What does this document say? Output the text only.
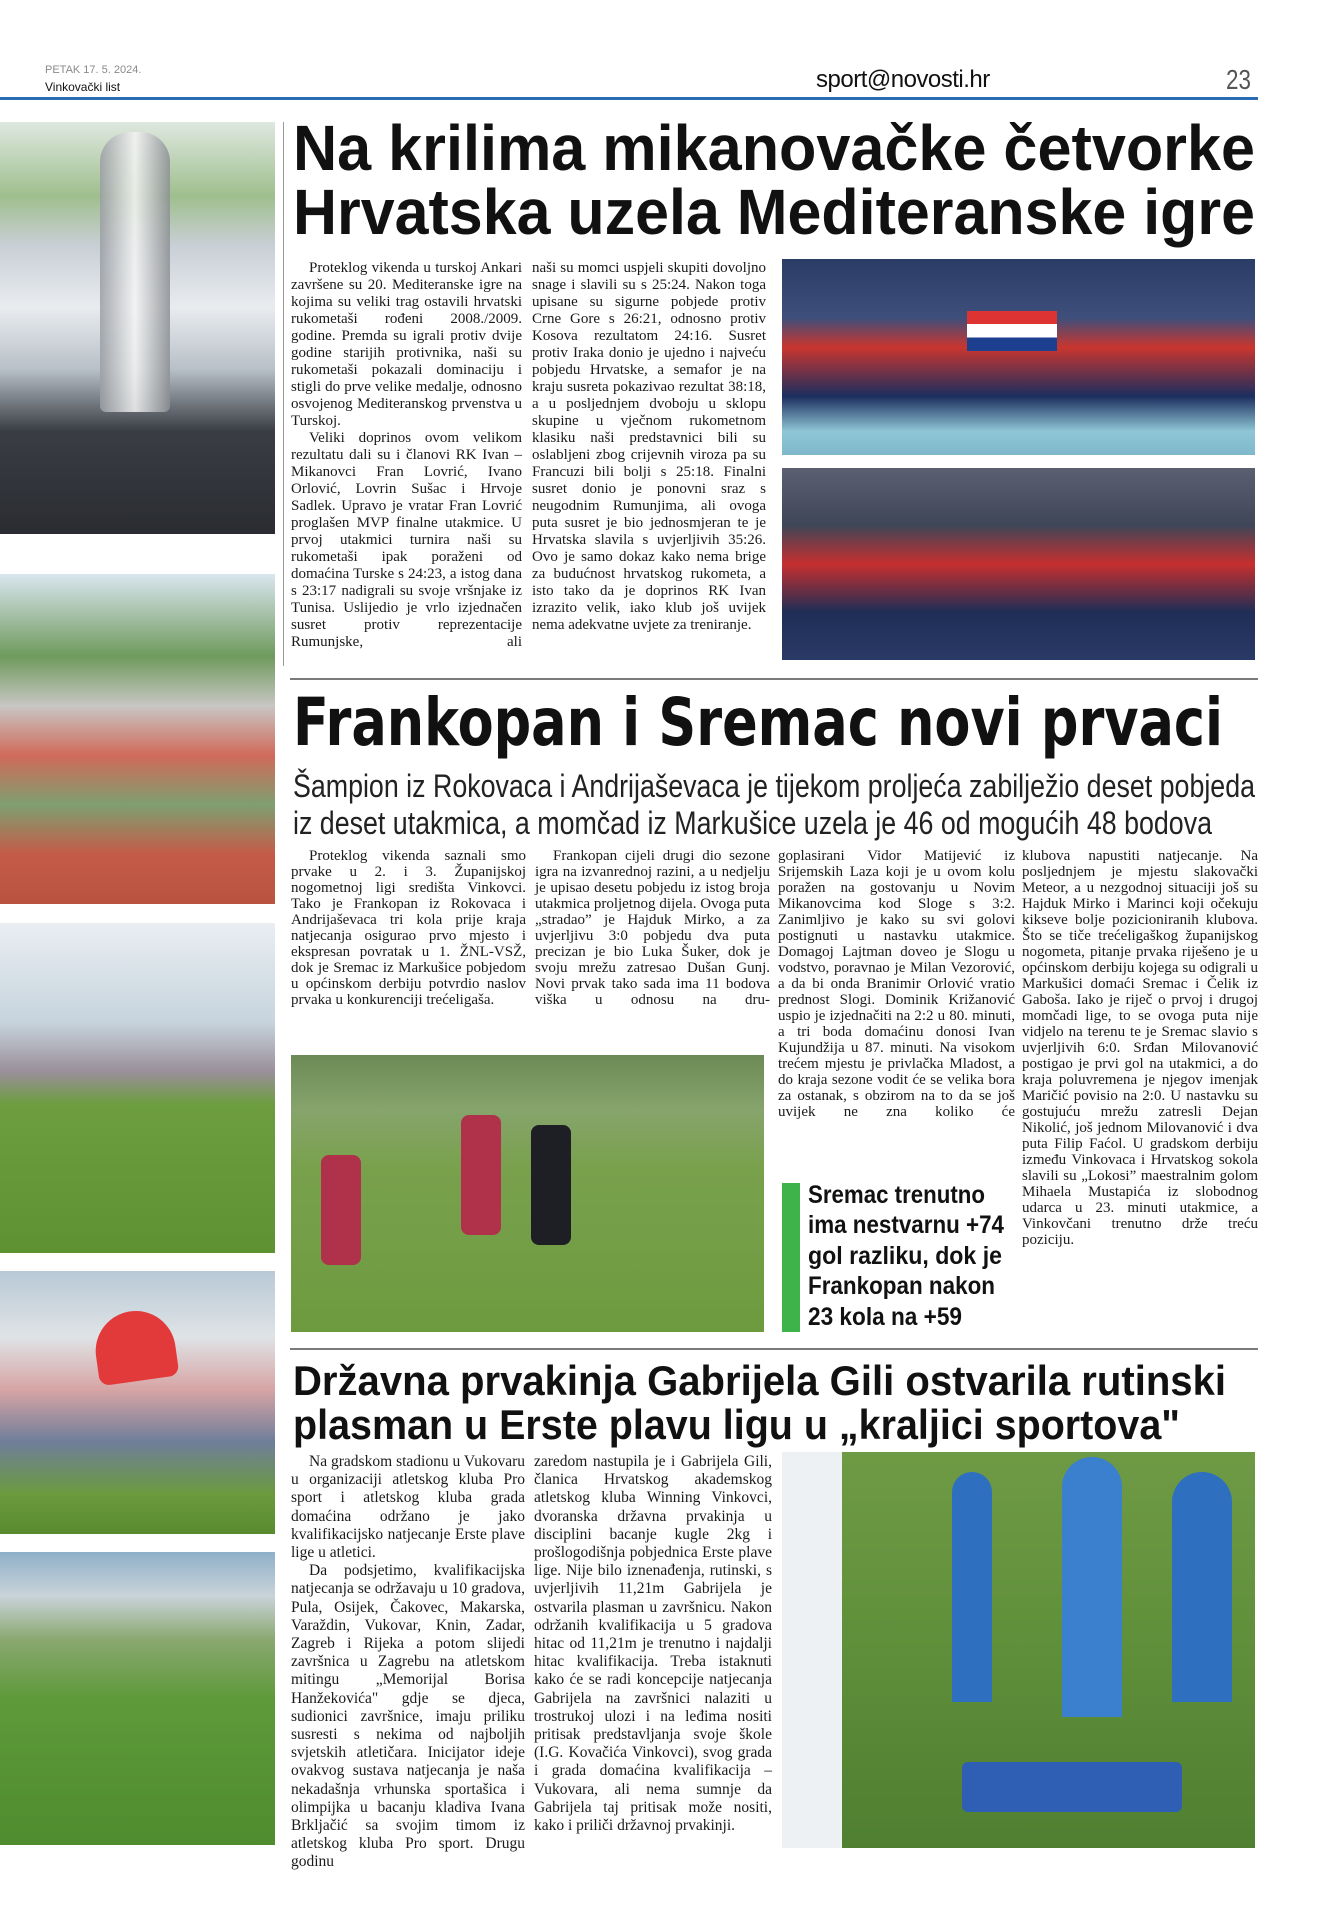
PETAK 17. 5. 2024.
Vinkovački list	sport@novosti.hr	23
Na krilima mikanovačke četvorke
Hrvatska uzela Mediteranske igre

Proteklog vikenda u turskoj Ankari završene su 20. Mediteranske igre na kojima su veliki trag ostavili hrvatski rukometaši rođeni 2008./2009. godine. Premda su igrali protiv dvije godine starijih protivnika, naši su rukometaši pokazali dominaciju i stigli do prve velike medalje, odnosno osvojenog Mediteranskog prvenstva u Turskoj.

Veliki doprinos ovom velikom rezultatu dali su i članovi RK Ivan – Mikanovci Fran Lovrić, Ivano Orlović, Lovrin Sušac i Hrvoje Sadlek. Upravo je vratar Fran Lovrić proglašen MVP finalne utakmice. U prvoj utakmici turnira naši su rukometaši ipak poraženi od domaćina Turske s 24:23, a istog dana s 23:17 nadigrali su svoje vršnjake iz Tunisa. Uslijedio je vrlo izjednačen susret protiv reprezentacije Rumunjske, ali

naši su momci uspjeli skupiti dovoljno snage i slavili su s 25:24. Nakon toga upisane su sigurne pobjede protiv Crne Gore s 26:21, odnosno protiv Kosova rezultatom 24:16. Susret protiv Iraka donio je ujedno i najveću pobjedu Hrvatske, a semafor je na kraju susreta pokazivao rezultat 38:18, a u posljednjem dvoboju u sklopu skupine u vječnom rukometnom klasiku naši predstavnici bili su oslabljeni zbog crijevnih viroza pa su Francuzi bili bolji s 25:18. Finalni susret donio je ponovni sraz s neugodnim Rumunjima, ali ovoga puta susret je bio jednosmjeran te je Hrvatska slavila s uvjerljivih 35:26. Ovo je samo dokaz kako nema brige za budućnost hrvatskog rukometa, a isto tako da je doprinos RK Ivan izrazito velik, iako klub još uvijek nema adekvatne uvjete za treniranje.

Frankopan i Sremac novi prvaci
Šampion iz Rokovaca i Andrijaševaca je tijekom proljeća zabilježio deset pobjeda
iz deset utakmica, a momčad iz Markušice uzela je 46 od mogućih 48 bodova

Proteklog vikenda saznali smo prvake u 2. i 3. Županijskoj nogometnoj ligi središta Vinkovci. Tako je Frankopan iz Rokovaca i Andrijaševaca tri kola prije kraja natjecanja osigurao prvo mjesto i ekspresan povratak u 1. ŽNL-VSŽ, dok je Sremac iz Markušice pobjedom u općinskom derbiju potvrdio naslov prvaka u konkurenciji trećeligaša.

Frankopan cijeli drugi dio sezone igra na izvanrednoj razini, a u nedjelju je upisao desetu pobjedu iz istog broja utakmica proljetnog dijela. Ovoga puta „stradao” je Hajduk Mirko, a za uvjerljivu 3:0 pobjedu dva puta precizan je bio Luka Šuker, dok je svoju mrežu zatresao Dušan Gunj. Novi prvak tako sada ima 11 bodova viška u odnosu na dru-

goplasirani Vidor Matijević iz Srijemskih Laza koji je u ovom kolu poražen na gostovanju u Novim Mikanovcima kod Sloge s 3:2. Zanimljivo je kako su svi golovi postignuti u nastavku utakmice. Domagoj Lajtman doveo je Slogu u vodstvo, poravnao je Milan Vezorović, a da bi onda Branimir Orlović vratio prednost Slogi. Dominik Križanović uspio je izjednačiti na 2:2 u 80. minuti, a tri boda domaćinu donosi Ivan Kujundžija u 87. minuti. Na visokom trećem mjestu je privlačka Mladost, a do kraja sezone vodit će se velika bora za ostanak, s obzirom na to da se još uvijek ne zna koliko će

klubova napustiti natjecanje. Na posljednjem je mjestu slakovački Meteor, a u nezgodnoj situaciji još su Hajduk Mirko i Marinci koji očekuju kikseve bolje pozicioniranih klubova. Što se tiče trećeligaškog županijskog nogometa, pitanje prvaka riješeno je u općinskom derbiju kojega su odigrali u Markušici domaći Sremac i Čelik iz Gaboša. Iako je riječ o prvoj i drugoj momčadi lige, to se ovoga puta nije vidjelo na terenu te je Sremac slavio s uvjerljivih 6:0. Srđan Milovanović postigao je prvi gol na utakmici, a do kraja poluvremena je njegov imenjak Maričić povisio na 2:0. U nastavku su gostujuću mrežu zatresli Dejan Nikolić, još jednom Milovanović i dva puta Filip Faćol. U gradskom derbiju između Vinkovaca i Hrvatskog sokola slavili su „Lokosi” maestralnim golom Mihaela Mustapića iz slobodnog udarca u 23. minuti utakmice, a Vinkovčani trenutno drže treću poziciju.

Sremac trenutno
ima nestvarnu +74
gol razliku, dok je
Frankopan nakon
23 kola na +59
Državna prvakinja Gabrijela Gili ostvarila rutinski
plasman u Erste plavu ligu u „kraljici sportova"

Na gradskom stadionu u Vukovaru u organizaciji atletskog kluba Pro sport i atletskog kluba grada domaćina održano je jako kvalifikacijsko natjecanje Erste plave lige u atletici.

Da podsjetimo, kvalifikacijska natjecanja se održavaju u 10 gradova, Pula, Osijek, Čakovec, Makarska, Varaždin, Vukovar, Knin, Zadar, Zagreb i Rijeka a potom slijedi završnica u Zagrebu na atletskom mitingu „Memorijal Borisa Hanžekovića" gdje se djeca, sudionici završnice, imaju priliku susresti s nekima od najboljih svjetskih atletičara. Inicijator ideje ovakvog sustava natjecanja je naša nekadašnja vrhunska sportašica i olimpijka u bacanju kladiva Ivana Brkljačić sa svojim timom iz atletskog kluba Pro sport. Drugu godinu

zaredom nastupila je i Gabrijela Gili, članica Hrvatskog akademskog atletskog kluba Winning Vinkovci, dvoranska državna prvakinja u disciplini bacanje kugle 2kg i prošlogodišnja pobjednica Erste plave lige. Nije bilo iznenađenja, rutinski, s uvjerljivih 11,21m Gabrijela je ostvarila plasman u završnicu. Nakon održanih kvalifikacija u 5 gradova hitac od 11,21m je trenutno i najdalji hitac kvalifikacija. Treba istaknuti kako će se radi koncepcije natjecanja Gabrijela na završnici nalaziti u trostrukoj ulozi i na leđima nositi pritisak predstavljanja svoje škole (I.G. Kovačića Vinkovci), svog grada i grada domaćina kvalifikacija – Vukovara, ali nema sumnje da Gabrijela taj pritisak može nositi, kako i priliči državnoj prvakinji.
